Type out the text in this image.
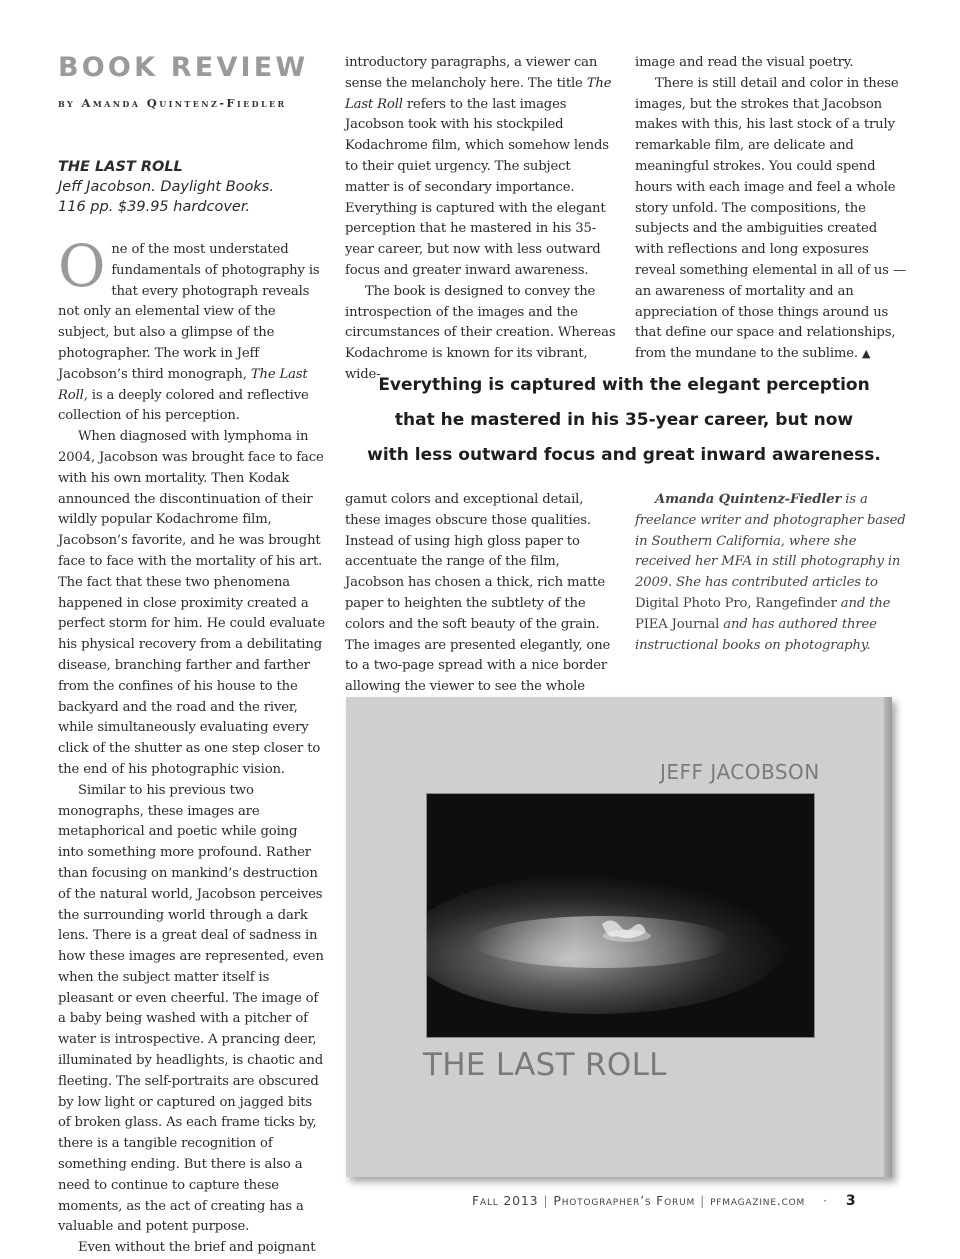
BOOK REVIEW
by Amanda Quintenz-Fiedler
THE LAST ROLL
Jeff Jacobson. Daylight Books.
116 pp. $39.95 hardcover.

One of the most understated fundamentals of photography is that every photograph reveals not only an elemental view of the subject, but also a glimpse of the photographer. The work in Jeff Jacobson’s third monograph, The Last Roll, is a deeply colored and reflective collection of his perception.

When diagnosed with lymphoma in 2004, Jacobson was brought face to face with his own mortality. Then Kodak announced the discontinuation of their wildly popular Kodachrome film, Jacobson’s favorite, and he was brought face to face with the mortality of his art. The fact that these two phenomena happened in close proximity created a perfect storm for him. He could evaluate his physical recovery from a debilitating disease, branching farther and farther from the confines of his house to the backyard and the road and the river, while simultaneously evaluating every click of the shutter as one step closer to the end of his photographic vision.

Similar to his previous two monographs, these images are metaphorical and poetic while going into something more profound. Rather than focusing on mankind’s destruction of the natural world, Jacobson perceives the surrounding world through a dark lens. There is a great deal of sadness in how these images are represented, even when the subject matter itself is pleasant or even cheerful. The image of a baby being washed with a pitcher of water is introspective. A prancing deer, illuminated by headlights, is chaotic and fleeting. The self-portraits are obscured by low light or captured on jagged bits of broken glass. As each frame ticks by, there is a tangible recognition of something ending. But there is also a need to continue to capture these moments, as the act of creating has a valuable and potent purpose.

Even without the brief and poignant

introductory paragraphs, a viewer can sense the melancholy here. The title The Last Roll refers to the last images Jacobson took with his stockpiled Kodachrome film, which somehow lends to their quiet urgency. The subject matter is of secondary importance. Everything is captured with the elegant perception that he mastered in his 35-year career, but now with less outward focus and greater inward awareness.

The book is designed to convey the introspection of the images and the circumstances of their creation. Whereas Kodachrome is known for its vibrant, wide-

image and read the visual poetry.

There is still detail and color in these images, but the strokes that Jacobson makes with this, his last stock of a truly remarkable film, are delicate and meaningful strokes. You could spend hours with each image and feel a whole story unfold. The compositions, the subjects and the ambiguities created with reflections and long exposures reveal something elemental in all of us — an awareness of mortality and an appreciation of those things around us that define our space and relationships, from the mundane to the sublime. ▲

Everything is captured with the elegant perception
that he mastered in his 35-year career, but now
with less outward focus and great inward awareness.

gamut colors and exceptional detail, these images obscure those qualities. Instead of using high gloss paper to accentuate the range of the film, Jacobson has chosen a thick, rich matte paper to heighten the subtlety of the colors and the soft beauty of the grain. The images are presented elegantly, one to a two-page spread with a nice border allowing the viewer to see the whole

Amanda Quintenz-Fiedler is a freelance writer and photographer based in Southern California, where she received her MFA in still photography in 2009. She has contributed articles to Digital Photo Pro, Rangefinder and the PIEA Journal and has authored three instructional books on photography.

JEFF JACOBSON
THE LAST ROLL
Fall 2013 | Photographer’s Forum | pfmagazine.com · 3
